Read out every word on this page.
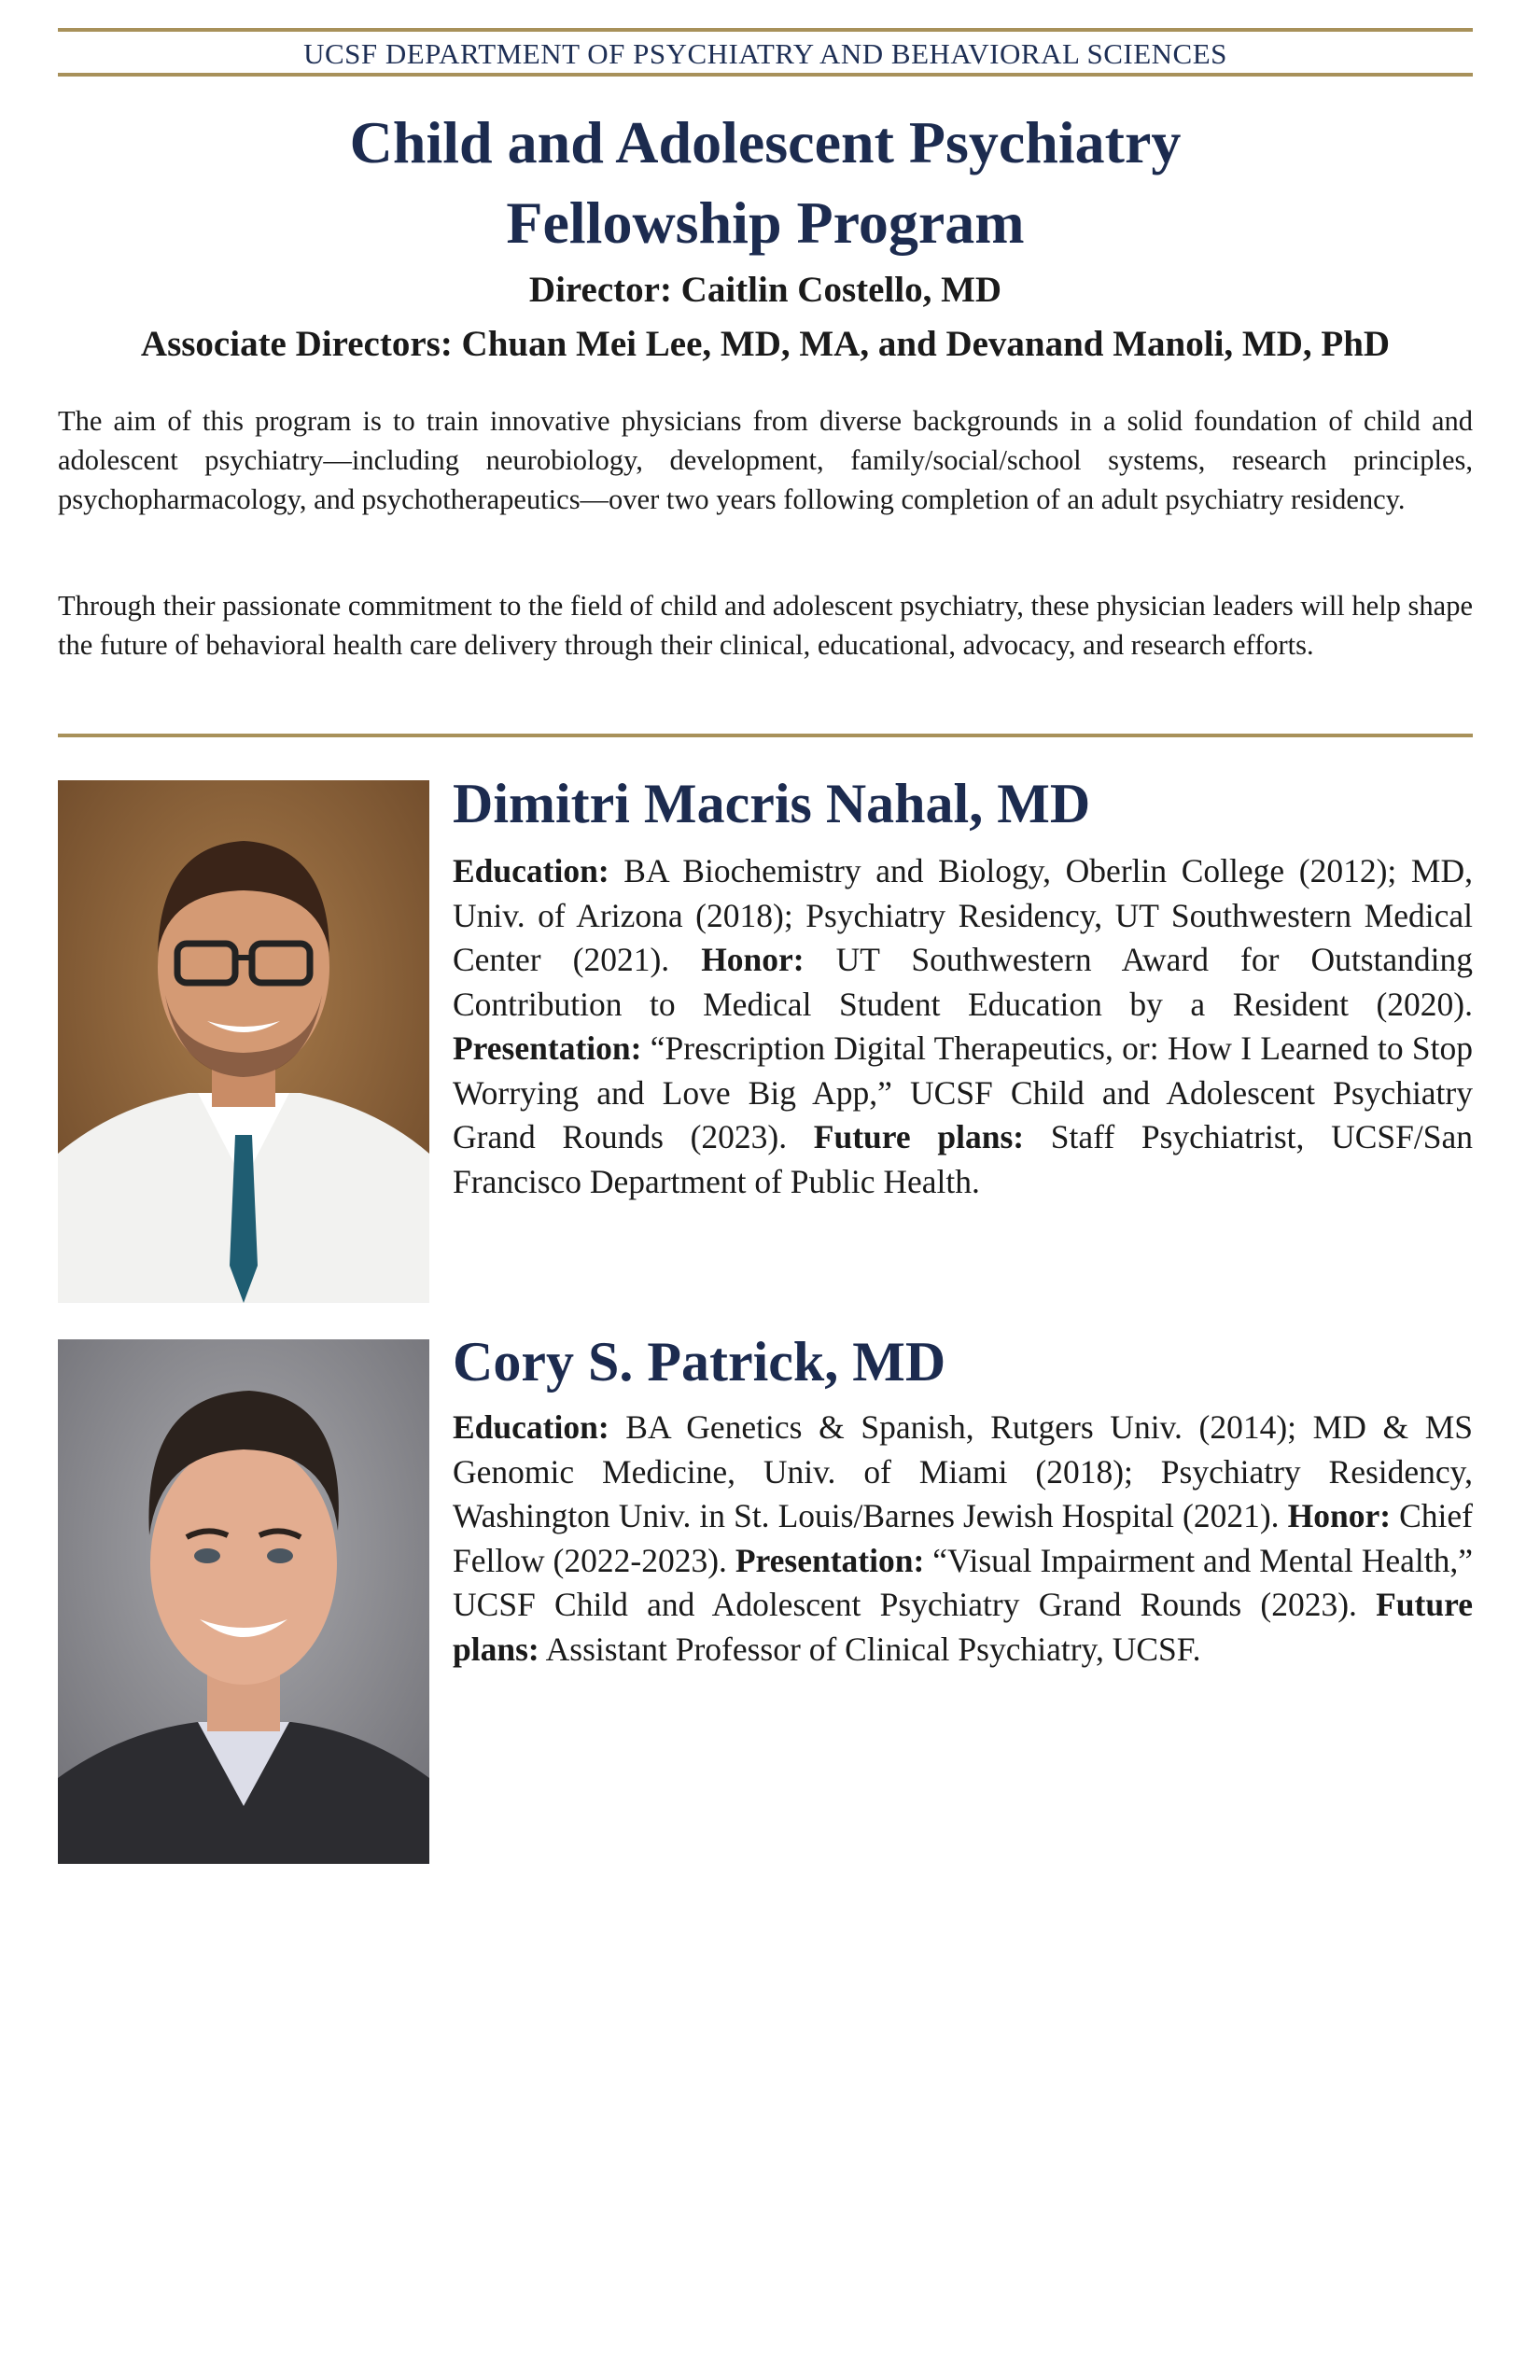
UCSF DEPARTMENT OF PSYCHIATRY AND BEHAVIORAL SCIENCES
Child and Adolescent Psychiatry
Fellowship Program
Director: Caitlin Costello, MD
Associate Directors: Chuan Mei Lee, MD, MA, and Devanand Manoli, MD, PhD

The aim of this program is to train innovative physicians from diverse backgrounds in a solid foundation of child and adolescent psychiatry—including neurobiology, development, family/social/school systems, research principles, psychopharmacology, and psychotherapeutics—over two years following completion of an adult psychiatry residency.

Through their passionate commitment to the field of child and adolescent psychiatry, these physician leaders will help shape the future of behavioral health care delivery through their clinical, educational, advocacy, and research efforts.

Dimitri Macris Nahal, MD

Education: BA Biochemistry and Biology, Oberlin College (2012); MD, Univ. of Arizona (2018); Psychiatry Residency, UT Southwestern Medical Center (2021). Honor: UT Southwestern Award for Outstanding Contribution to Medical Student Education by a Resident (2020). Presentation: “Prescription Digital Therapeutics, or: How I Learned to Stop Worrying and Love Big App,” UCSF Child and Adolescent Psychiatry Grand Rounds (2023). Future plans: Staff Psychiatrist, UCSF/San Francisco Department of Public Health.

Cory S. Patrick, MD

Education: BA Genetics & Spanish, Rutgers Univ. (2014); MD & MS Genomic Medicine, Univ. of Miami (2018); Psychiatry Residency, Washington Univ. in St. Louis/Barnes Jewish Hospital (2021). Honor: Chief Fellow (2022-2023). Presentation: “Visual Impairment and Mental Health,” UCSF Child and Adolescent Psychiatry Grand Rounds (2023). Future plans: Assistant Professor of Clinical Psychiatry, UCSF.
